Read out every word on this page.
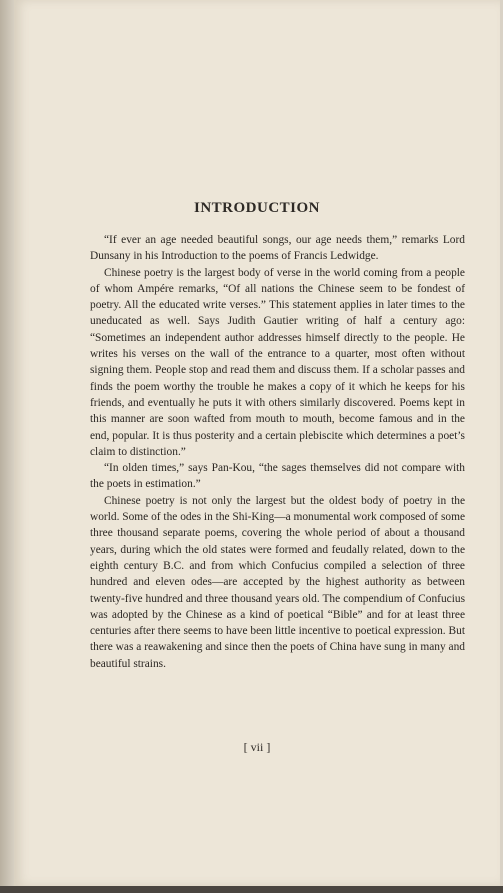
INTRODUCTION

“If ever an age needed beautiful songs, our age needs them,” remarks Lord Dunsany in his Introduction to the poems of Francis Ledwidge.

Chinese poetry is the largest body of verse in the world coming from a people of whom Ampére remarks, “Of all nations the Chinese seem to be fondest of poetry. All the educated write verses.” This statement applies in later times to the uneducated as well. Says Judith Gautier writing of half a century ago: “Sometimes an independent author addresses himself directly to the people. He writes his verses on the wall of the entrance to a quarter, most often without signing them. People stop and read them and discuss them. If a scholar passes and finds the poem worthy the trouble he makes a copy of it which he keeps for his friends, and eventually he puts it with others similarly discovered. Poems kept in this manner are soon wafted from mouth to mouth, become famous and in the end, popular. It is thus posterity and a certain plebiscite which determines a poet’s claim to distinction.”

“In olden times,” says Pan-Kou, “the sages themselves did not compare with the poets in estimation.”

Chinese poetry is not only the largest but the oldest body of poetry in the world. Some of the odes in the Shi-King—a monumental work composed of some three thousand separate poems, covering the whole period of about a thousand years, during which the old states were formed and feudally related, down to the eighth century B.C. and from which Confucius compiled a selection of three hundred and eleven odes—are accepted by the highest authority as between twenty-five hundred and three thousand years old. The compendium of Confucius was adopted by the Chinese as a kind of poetical “Bible” and for at least three centuries after there seems to have been little incentive to poetical expression. But there was a reawakening and since then the poets of China have sung in many and beautiful strains.

[ vii ]
